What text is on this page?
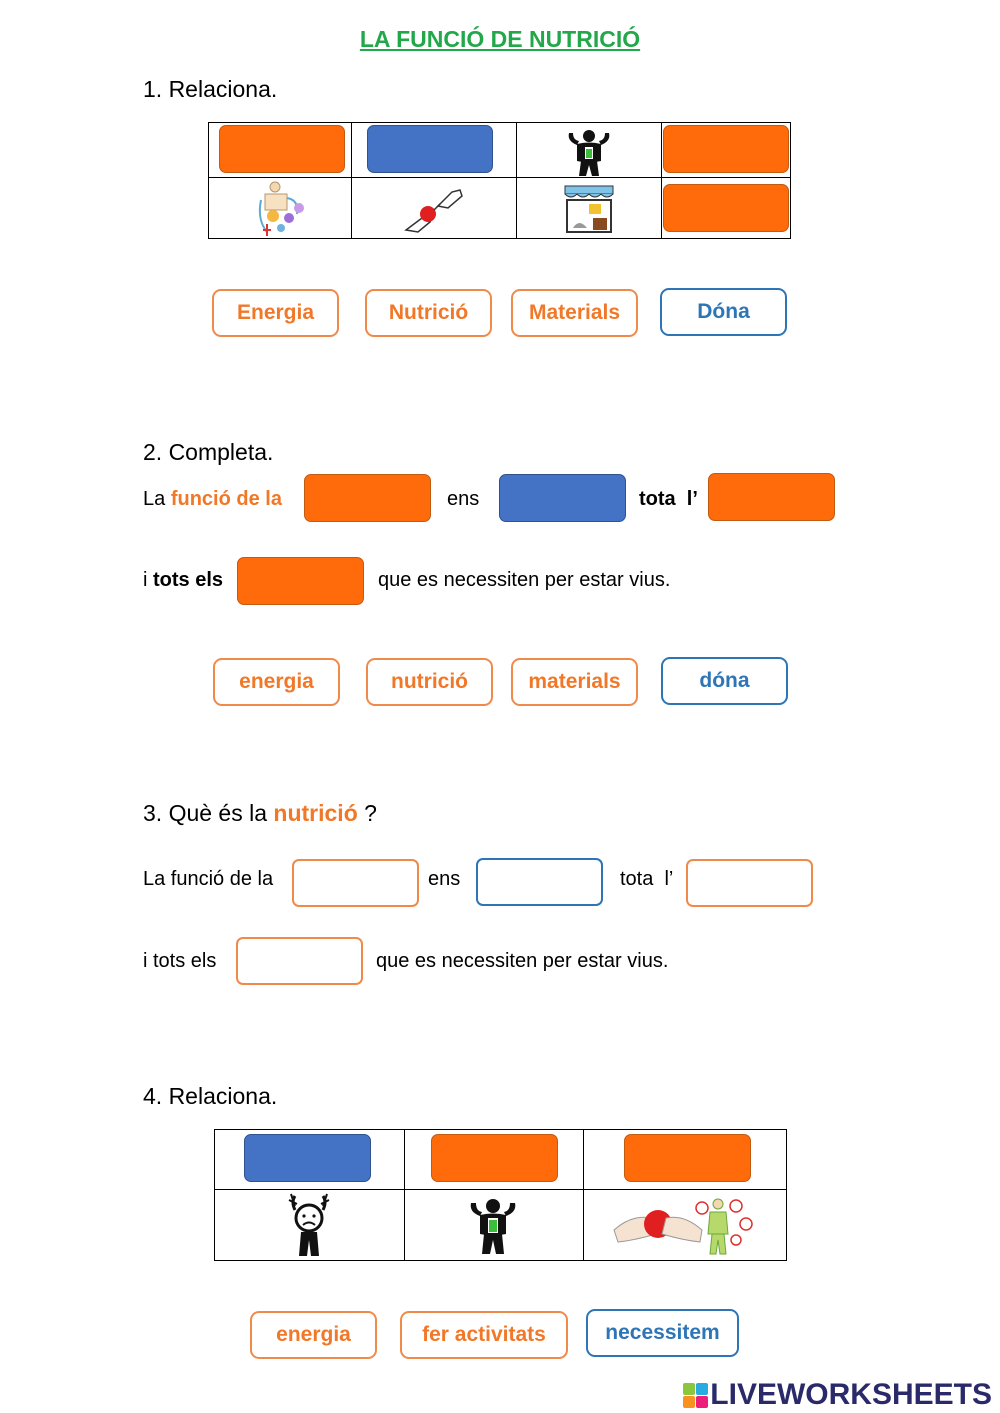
LA FUNCIÓ DE NUTRICIÓ
1. Relaciona.

Energia	Nutrició	Materials	Dóna
2. Completa.
La funció de la	ens	tota  l’
i tots els	que es necessiten per estar vius.
energia	nutrició	materials	dóna
3. Què és la nutrició ?
La funció de la	ens	tota  l’
i tots els	que es necessiten per estar vius.
4. Relaciona.

energia	fer activitats	necessitem
LIVEWORKSHEETS
